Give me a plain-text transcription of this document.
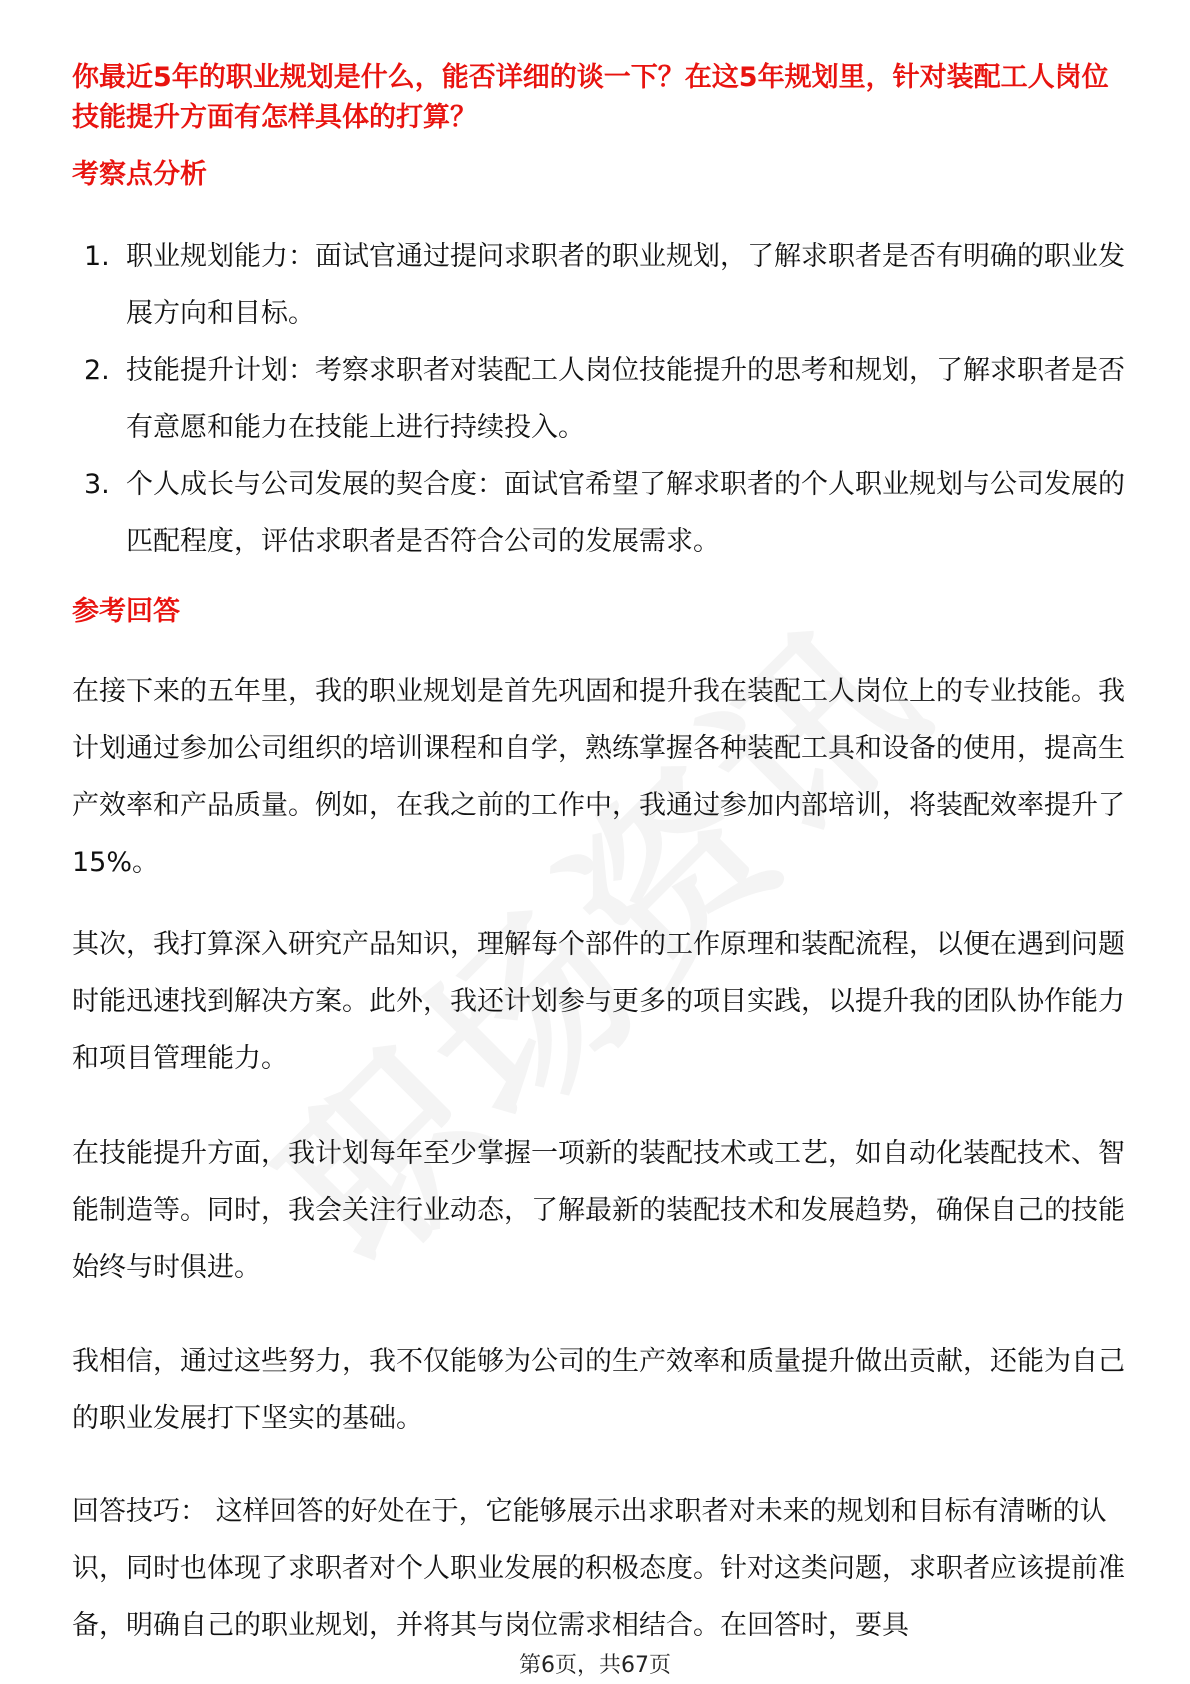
你最近5年的职业规划是什么，能否详细的谈一下？在这5年规划里，针对装配工人岗位技能提升方面有怎样具体的打算？
考察点分析
1. 职业规划能力：面试官通过提问求职者的职业规划，了解求职者是否有明确的职业发展方向和目标。
2. 技能提升计划：考察求职者对装配工人岗位技能提升的思考和规划，了解求职者是否有意愿和能力在技能上进行持续投入。
3. 个人成长与公司发展的契合度：面试官希望了解求职者的个人职业规划与公司发展的匹配程度，评估求职者是否符合公司的发展需求。
参考回答

在接下来的五年里，我的职业规划是首先巩固和提升我在装配工人岗位上的专业技能。我计划通过参加公司组织的培训课程和自学，熟练掌握各种装配工具和设备的使用，提高生产效率和产品质量。例如，在我之前的工作中，我通过参加内部培训，将装配效率提升了15%。

其次，我打算深入研究产品知识，理解每个部件的工作原理和装配流程，以便在遇到问题时能迅速找到解决方案。此外，我还计划参与更多的项目实践，以提升我的团队协作能力和项目管理能力。

在技能提升方面，我计划每年至少掌握一项新的装配技术或工艺，如自动化装配技术、智能制造等。同时，我会关注行业动态，了解最新的装配技术和发展趋势，确保自己的技能始终与时俱进。

我相信，通过这些努力，我不仅能够为公司的生产效率和质量提升做出贡献，还能为自己的职业发展打下坚实的基础。

回答技巧： 这样回答的好处在于，它能够展示出求职者对未来的规划和目标有清晰的认识，同时也体现了求职者对个人职业发展的积极态度。针对这类问题，求职者应该提前准备，明确自己的职业规划，并将其与岗位需求相结合。在回答时，要具

第6页，共67页
